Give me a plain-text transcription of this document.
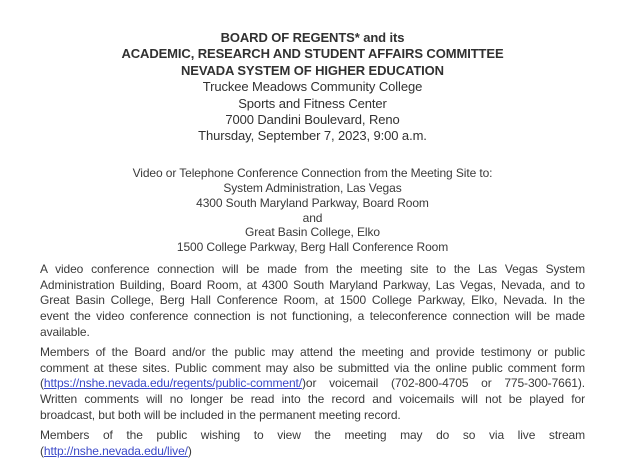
BOARD OF REGENTS* and its
ACADEMIC, RESEARCH AND STUDENT AFFAIRS COMMITTEE
NEVADA SYSTEM OF HIGHER EDUCATION
Truckee Meadows Community College
Sports and Fitness Center
7000 Dandini Boulevard, Reno
Thursday, September 7, 2023, 9:00 a.m.
Video or Telephone Conference Connection from the Meeting Site to:
System Administration, Las Vegas
4300 South Maryland Parkway, Board Room
and
Great Basin College, Elko
1500 College Parkway, Berg Hall Conference Room
A video conference connection will be made from the meeting site to the Las Vegas System
Administration Building, Board Room, at 4300 South Maryland Parkway, Las Vegas, Nevada, and to
Great Basin College, Berg Hall Conference Room, at 1500 College Parkway, Elko, Nevada. In the
event the video conference connection is not functioning, a teleconference connection will be made
available.
Members of the Board and/or the public may attend the meeting and provide testimony or public
comment at these sites. Public comment may also be submitted via the online public comment form
(https://nshe.nevada.edu/regents/public-comment/)or voicemail (702-800-4705 or 775-300-7661).
Written comments will no longer be read into the record and voicemails will not be played for
broadcast, but both will be included in the permanent meeting record.
Members of the public wishing to view the meeting may do so via live stream
(http://nshe.nevada.edu/live/)
